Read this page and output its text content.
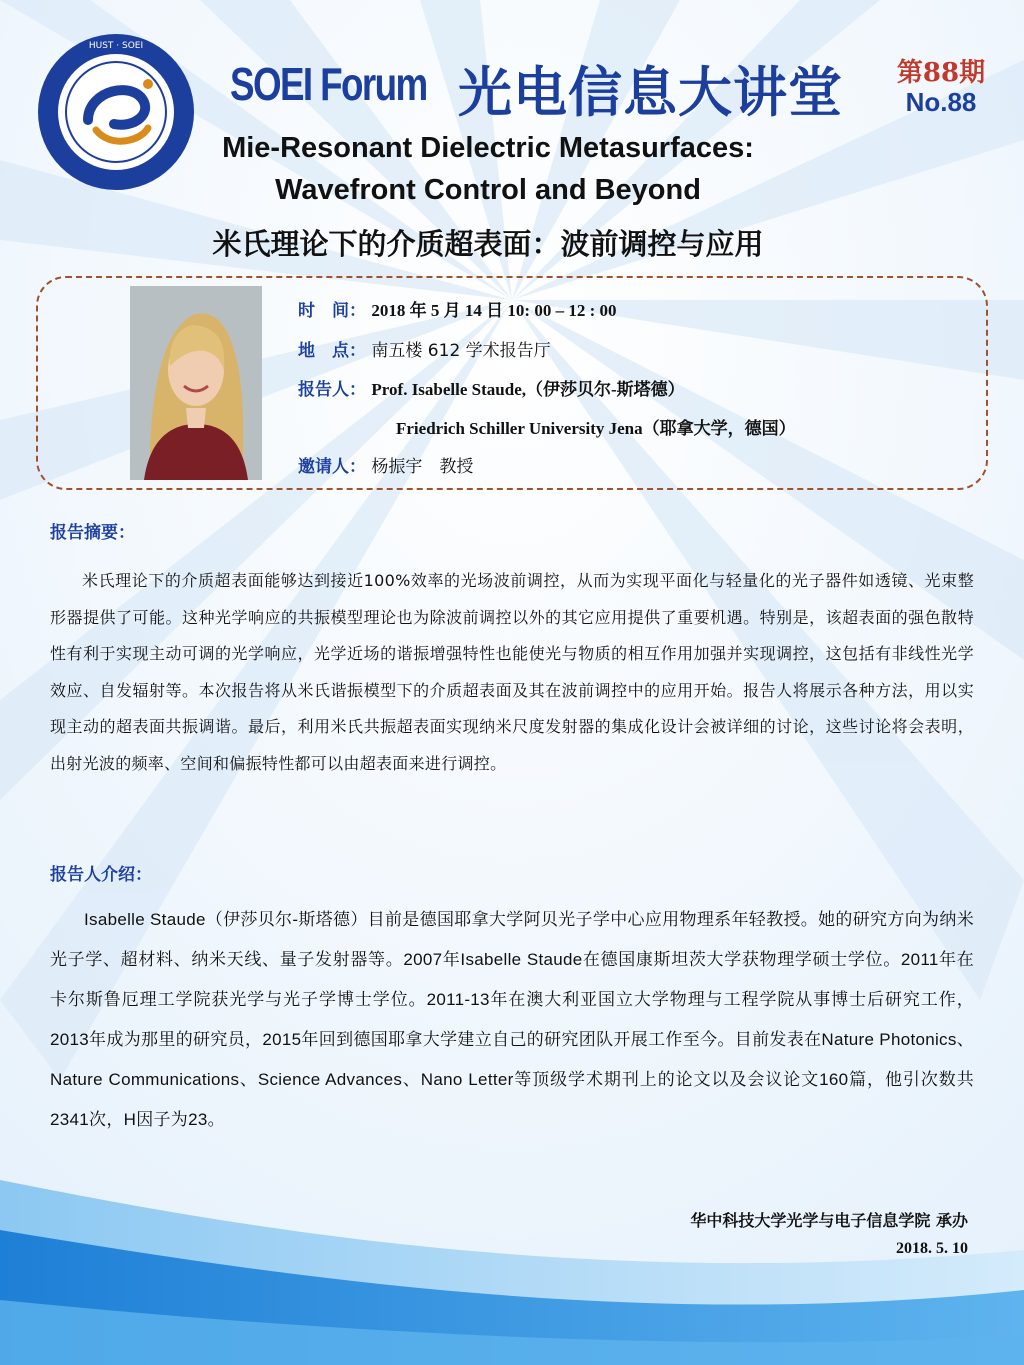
HUST · SOEI
SOEI Forum 光电信息大讲堂 第88期
No.88
Mie-Resonant Dielectric Metasurfaces:
Wavefront Control and Beyond
米氏理论下的介质超表面：波前调控与应用
时　间： 2018 年 5 月 14 日 10: 00 – 12 : 00
地　点： 南五楼 612 学术报告厅
报告人： Prof. Isabelle Staude,（伊莎贝尔-斯塔德）
Friedrich Schiller University Jena（耶拿大学，德国）
邀请人： 杨振宇　教授
报告摘要：
米氏理论下的介质超表面能够达到接近100%效率的光场波前调控，从而为实现平面化与轻量化的光子器件如透镜、光束整形器提供了可能。这种光学响应的共振模型理论也为除波前调控以外的其它应用提供了重要机遇。特别是，该超表面的强色散特性有利于实现主动可调的光学响应，光学近场的谐振增强特性也能使光与物质的相互作用加强并实现调控，这包括有非线性光学效应、自发辐射等。本次报告将从米氏谐振模型下的介质超表面及其在波前调控中的应用开始。报告人将展示各种方法，用以实现主动的超表面共振调谐。最后，利用米氏共振超表面实现纳米尺度发射器的集成化设计会被详细的讨论，这些讨论将会表明，出射光波的频率、空间和偏振特性都可以由超表面来进行调控。
报告人介绍：
Isabelle Staude（伊莎贝尔-斯塔德）目前是德国耶拿大学阿贝光子学中心应用物理系年轻教授。她的研究方向为纳米光子学、超材料、纳米天线、量子发射器等。2007年Isabelle Staude在德国康斯坦茨大学获物理学硕士学位。2011年在卡尔斯鲁厄理工学院获光学与光子学博士学位。2011-13年在澳大利亚国立大学物理与工程学院从事博士后研究工作，2013年成为那里的研究员，2015年回到德国耶拿大学建立自己的研究团队开展工作至今。目前发表在Nature Photonics、Nature Communications、Science Advances、Nano Letter等顶级学术期刊上的论文以及会议论文160篇，他引次数共2341次，H因子为23。
华中科技大学光学与电子信息学院 承办
2018. 5. 10
